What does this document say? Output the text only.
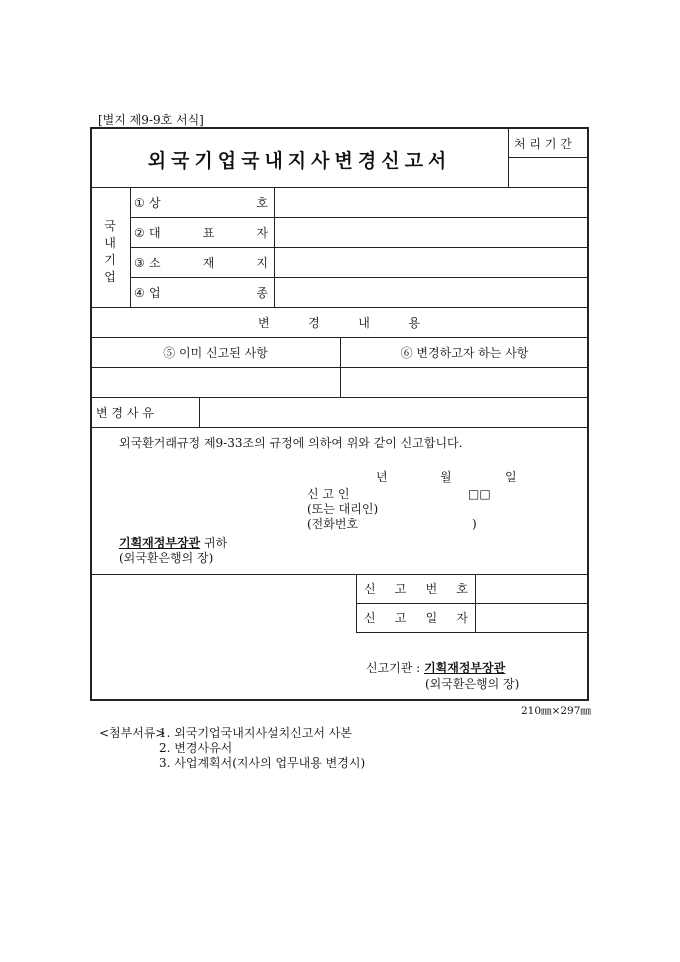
[별지 제9-9호 서식]
외국기업국내지사변경신고서
처 리 기 간
국
내
기
업
① 상	호
② 대	표	자
③ 소	재	지
④ 업	종
변	경	내	용
⑤ 이미 신고된 사항	⑥ 변경하고자 하는 사항
변 경 사 유
외국환거래규정 제9-33조의 규정에 의하여 위와 같이 신고합니다.
년	월	일
신 고 인	□□
(또는 대리인)
(전화번호	)
기획재정부장관 귀하
(외국환은행의 장)
신 고 번 호
신 고 일 자
신고기관 : 기획재정부장관
(외국환은행의 장)
210㎜×297㎜
<첨부서류>
1. 외국기업국내지사설치신고서 사본
2. 변경사유서
3. 사업계획서(지사의 업무내용 변경시)
